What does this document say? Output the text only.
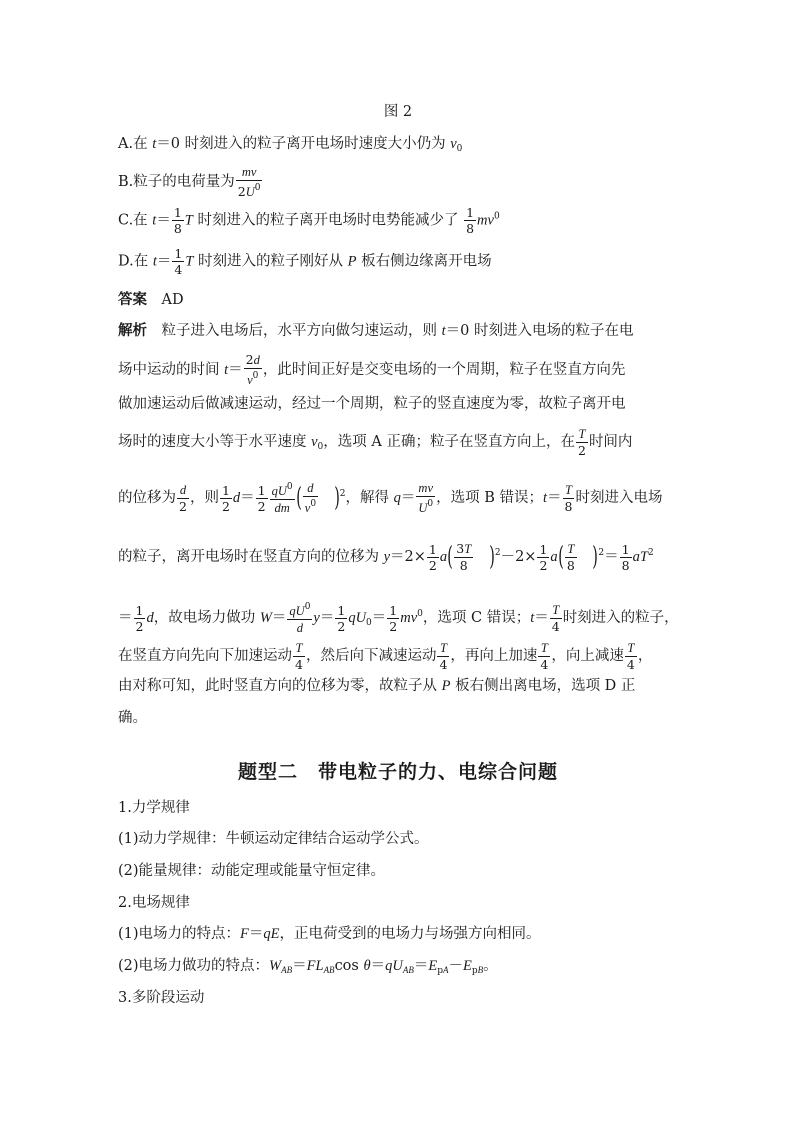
图 2
A.在 t＝0 时刻进入的粒子离开电场时速度大小仍为 $v_0$
B.粒子的电荷量为 $\frac{mv}{2U^0}$
C.在 $t= \frac{1}{8}$ T 时刻进入的粒子离开电场时电势能减少了 $\frac{1}{8} mv^0$
D.在 $t= \frac{1}{4}$ T 时刻进入的粒子刚好从 P 板右侧边缘离开电场
答案　 AD
解析　粒子进入电场后，水平方向做匀速运动，则 t＝0 时刻进入电场的粒子在电
场中运动的时间 $t= \frac{2d}{v^0}$ ，此时间正好是交变电场的一个周期，粒子在竖直方向先
做加速运动后做减速运动，经过一个周期，粒子的竖直速度为零，故粒子离开电
场时的速度大小等于水平速度 $v_0$，选项 A 正确；粒子在竖直方向上，在 $\frac{T}{2}$ 时间内
的位移为 $\frac{d}{2}$ ，则 $\frac{1}{2} d= \frac{1}{2} \frac{qU^0}{dm}$ ( $\frac{d}{v^0}$
　 )$^2$，解得 $q= \frac{mv}{U^0}$ ，选项 B 错误；$t= \frac{T}{8}$ 时刻进入电场
的粒子，离开电场时在竖直方向的位移为 $y=2\times \frac{1}{2} a( \frac{3T}{8}$
　 )$^2-2\times \frac{1}{2} a( \frac{T}{8}$
　 )$^2= \frac{1}{8} aT^2$
＝ $\frac{1}{2}$ d，故电场力做功 $W= \frac{qU^0}{d} y= \frac{1}{2} qU_0= \frac{1}{2} mv^0$，选项 C 错误；$t= \frac{T}{4}$ 时刻进入的粒子，
在竖直方向先向下加速运动 $\frac{T}{4}$ ，然后向下减速运动 $\frac{T}{4}$ ，再向上加速 $\frac{T}{4}$ ，向上减速 $\frac{T}{4}$ ，
由对称可知，此时竖直方向的位移为零，故粒子从 P 板右侧出离电场，选项 D 正
确。
题型二　带电粒子的力、电综合问题
1.力学规律
(1)动力学规律：牛顿运动定律结合运动学公式。
(2)能量规律：动能定理或能量守恒定律。
2.电场规律
(1)电场力的特点：F＝qE，正电荷受到的电场力与场强方向相同。
(2)电场力做功的特点：$W_{AB}=FL_{AB}\cos$ $\theta=qU_{AB}=E_{pA}-E_{pB}$。
3.多阶段运动
